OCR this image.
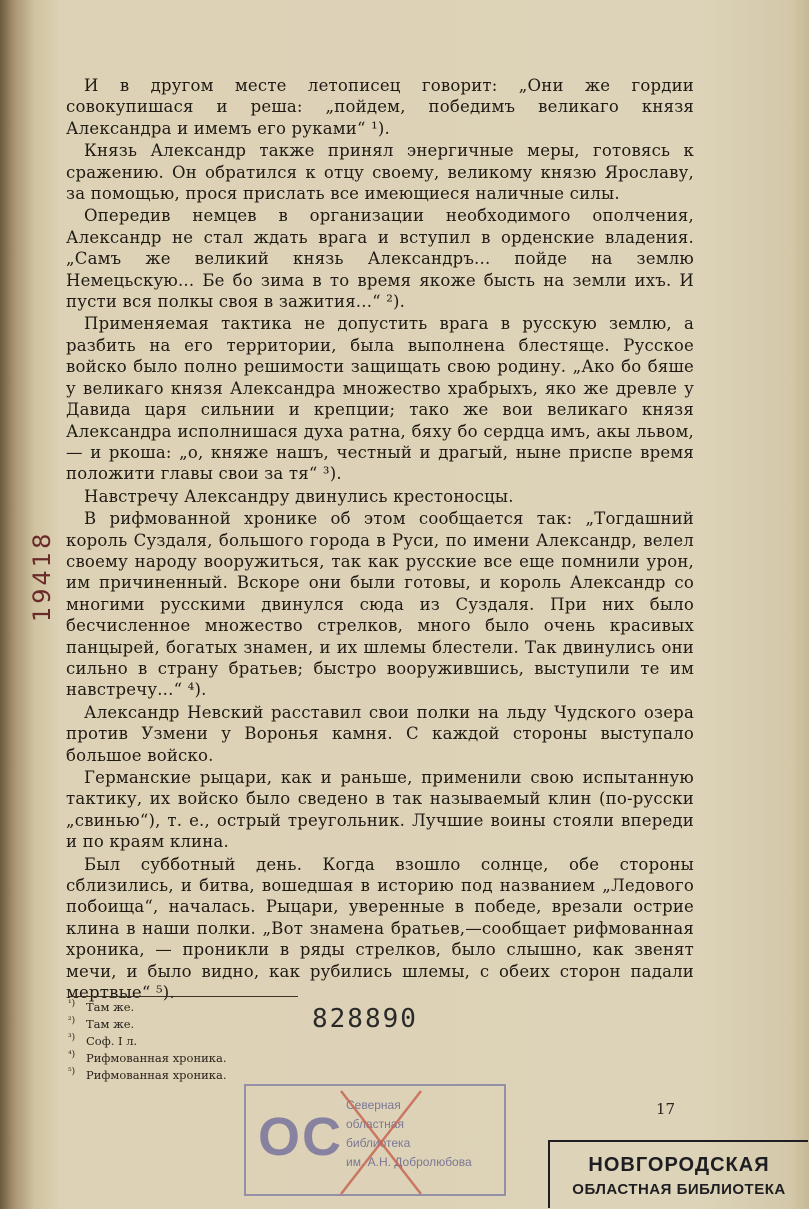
19418

И в другом месте летописец говорит: „Они же гордии совокупишася и реша: „пойдем, победимъ великаго князя Александра и имемъ его руками“ ¹).

Князь Александр также принял энергичные меры, готовясь к сражению. Он обратился к отцу своему, великому князю Ярославу, за помощью, прося прислать все имеющиеся наличные силы.

Опередив немцев в организации необходимого ополчения, Александр не стал ждать врага и вступил в орденские владения. „Самъ же великий князь Александръ... пойде на землю Немецьскую... Бе бо зима в то время якоже бысть на земли ихъ. И пусти вся полкы своя в зажития...“ ²).

Применяемая тактика не допустить врага в русскую землю, а разбить на его территории, была выполнена блестяще. Русское войско было полно решимости защищать свою родину. „Ако бо бяше у великаго князя Александра множество храбрыхъ, яко же древле у Давида царя сильнии и крепции; тако же вои великаго князя Александра исполнишася духа ратна, бяху бо сердца имъ, акы львом, — и ркоша: „о, княже нашъ, честный и драгый, ныне приспе время положити главы свои за тя“ ³).

Навстречу Александру двинулись крестоносцы.

В рифмованной хронике об этом сообщается так: „Тогдашний король Суздаля, большого города в Руси, по имени Александр, велел своему народу вооружиться, так как русские все еще помнили урон, им причиненный. Вскоре они были готовы, и король Александр со многими русскими двинулся сюда из Суздаля. При них было бесчисленное множество стрелков, много было очень красивых панцырей, богатых знамен, и их шлемы блестели. Так двинулись они сильно в страну братьев; быстро вооружившись, выступили те им навстречу...“ ⁴).

Александр Невский расставил свои полки на льду Чудского озера против Узмени у Воронья камня. С каждой стороны выступало большое войско.

Германские рыцари, как и раньше, применили свою испытанную тактику, их войско было сведено в так называемый клин (по-русски „свинью“), т. е., острый треугольник. Лучшие воины стояли впереди и по краям клина.

Был субботный день. Когда взошло солнце, обе стороны сблизились, и битва, вошедшая в историю под названием „Ледового побоища“, началась. Рыцари, уверенные в победе, врезали острие клина в наши полки. „Вот знамена братьев,—сообщает рифмованная хроника, — проникли в ряды стрелков, было слышно, как звенят мечи, и было видно, как рубились шлемы, с обеих сторон падали мертвые“ ⁵).

¹) Там же.
²) Там же.
³) Соф. I л.
⁴) Рифмованная хроника.
⁵) Рифмованная хроника.
828890
ОС
Северная
областная
библиотека
им. А.Н. Добролюбова
17
НОВГОРОДСКАЯ
ОБЛАСТНАЯ БИБЛИОТЕКА
